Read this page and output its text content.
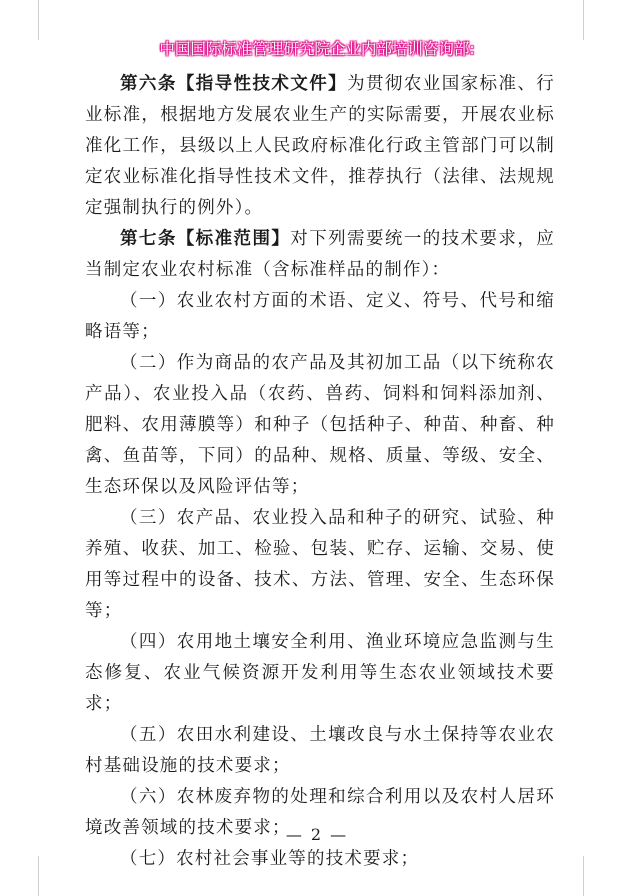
中国国际标准管理研究院企业内部培训咨询部:

第六条【指导性技术文件】为贯彻农业国家标准、行业标准，根据地方发展农业生产的实际需要，开展农业标准化工作，县级以上人民政府标准化行政主管部门可以制定农业标准化指导性技术文件，推荐执行（法律、法规规定强制执行的例外）。

第七条【标准范围】对下列需要统一的技术要求，应当制定农业农村标准（含标准样品的制作）：

（一）农业农村方面的术语、定义、符号、代号和缩略语等；

（二）作为商品的农产品及其初加工品（以下统称农产品）、农业投入品（农药、兽药、饲料和饲料添加剂、肥料、农用薄膜等）和种子（包括种子、种苗、种畜、种禽、鱼苗等，下同）的品种、规格、质量、等级、安全、生态环保以及风险评估等；

（三）农产品、农业投入品和种子的研究、试验、种养殖、收获、加工、检验、包装、贮存、运输、交易、使用等过程中的设备、技术、方法、管理、安全、生态环保等；

（四）农用地土壤安全利用、渔业环境应急监测与生态修复、农业气候资源开发利用等生态农业领域技术要求；

（五）农田水利建设、土壤改良与水土保持等农业农村基础设施的技术要求；

（六）农林废弃物的处理和综合利用以及农村人居环境改善领域的技术要求；

（七）农村社会事业等的技术要求；

— 2 —
